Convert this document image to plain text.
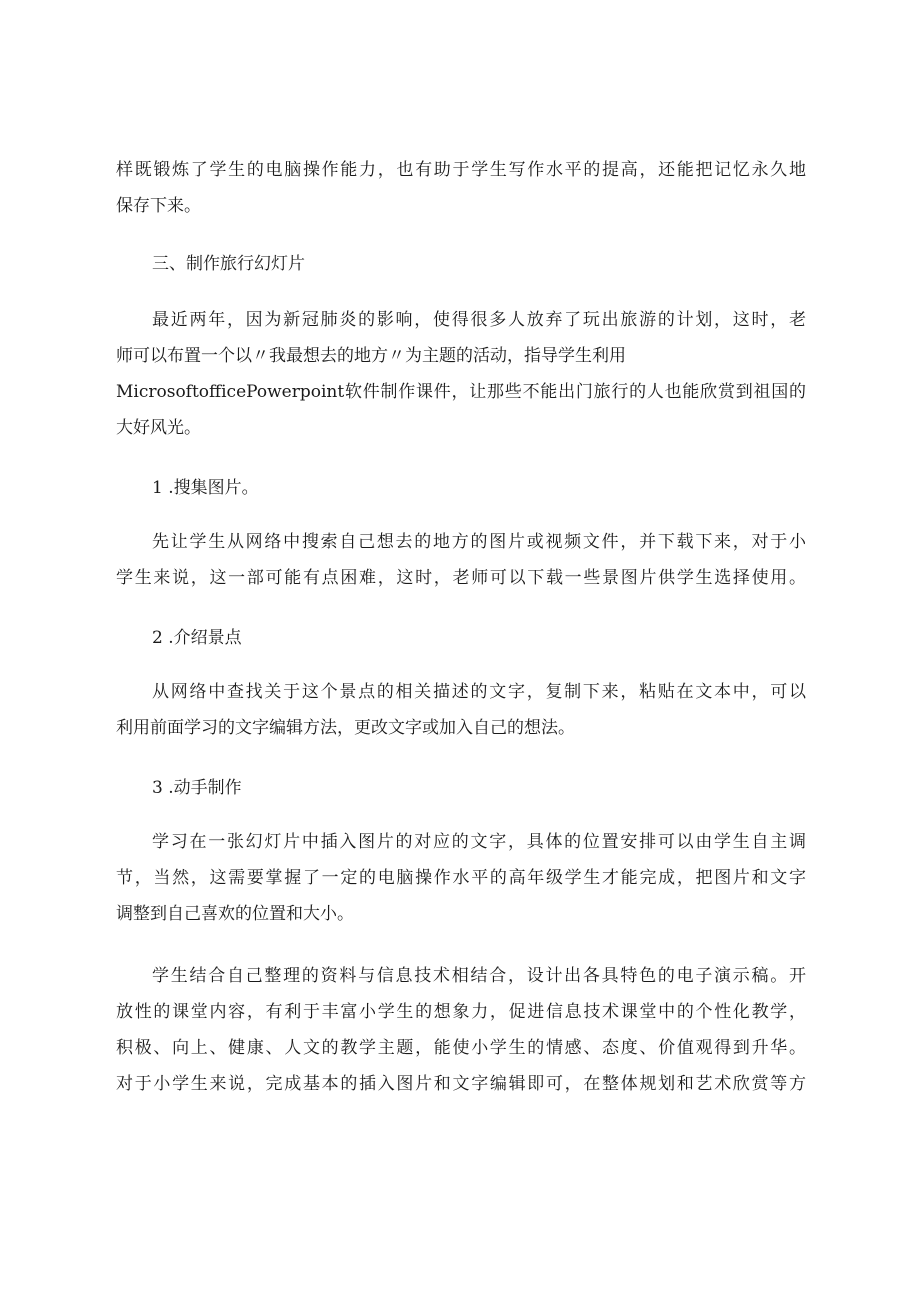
样既锻炼了学生的电脑操作能力，也有助于学生写作水平的提高，还能把记忆永久地
保存下来。
三、制作旅行幻灯片
最近两年，因为新冠肺炎的影响，使得很多人放弃了玩出旅游的计划，这时，老
师可以布置一个以〃我最想去的地方〃为主题的活动，指导学生利用
MicrosoftofficePowerpoint软件制作课件，让那些不能出门旅行的人也能欣赏到祖国的
大好风光。
1 .搜集图片。
先让学生从网络中搜索自己想去的地方的图片或视频文件，并下载下来，对于小
学生来说，这一部可能有点困难，这时，老师可以下载一些景图片供学生选择使用。
2 .介绍景点
从网络中查找关于这个景点的相关描述的文字，复制下来，粘贴在文本中，可以
利用前面学习的文字编辑方法，更改文字或加入自己的想法。
3 .动手制作
学习在一张幻灯片中插入图片的对应的文字，具体的位置安排可以由学生自主调
节，当然，这需要掌握了一定的电脑操作水平的高年级学生才能完成，把图片和文字
调整到自己喜欢的位置和大小。
学生结合自己整理的资料与信息技术相结合，设计出各具特色的电子演示稿。开
放性的课堂内容，有利于丰富小学生的想象力，促进信息技术课堂中的个性化教学，
积极、向上、健康、人文的教学主题，能使小学生的情感、态度、价值观得到升华。
对于小学生来说，完成基本的插入图片和文字编辑即可，在整体规划和艺术欣赏等方
